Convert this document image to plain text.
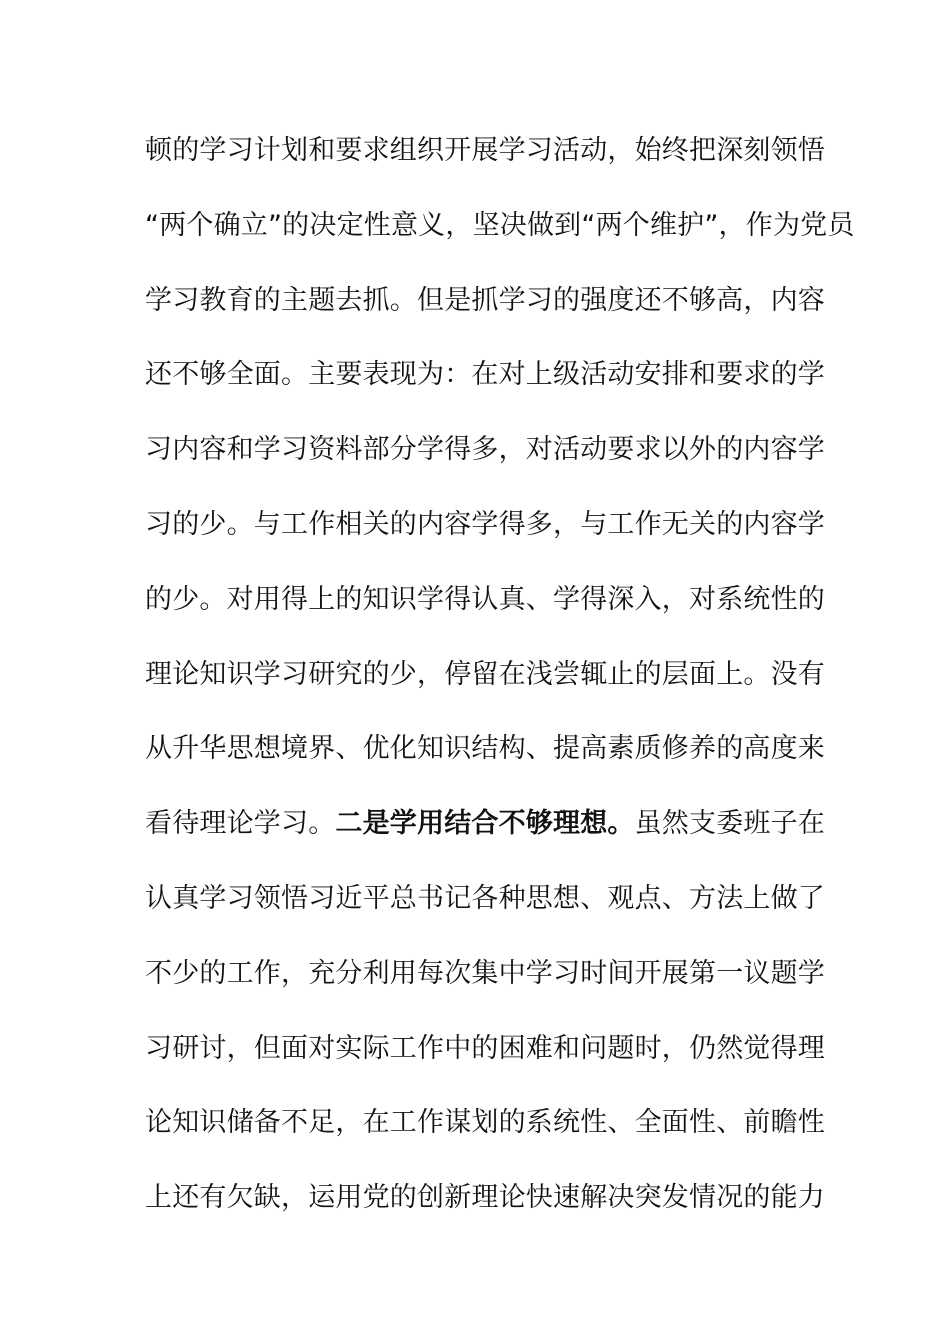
顿的学习计划和要求组织开展学习活动，始终把深刻领悟
“两个确立”的决定性意义，坚决做到“两个维护”，作为党员
学习教育的主题去抓。但是抓学习的强度还不够高，内容
还不够全面。主要表现为：在对上级活动安排和要求的学
习内容和学习资料部分学得多，对活动要求以外的内容学
习的少。与工作相关的内容学得多，与工作无关的内容学
的少。对用得上的知识学得认真、学得深入，对系统性的
理论知识学习研究的少，停留在浅尝辄止的层面上。没有
从升华思想境界、优化知识结构、提高素质修养的高度来
看待理论学习。二是学用结合不够理想。虽然支委班子在
认真学习领悟习近平总书记各种思想、观点、方法上做了
不少的工作，充分利用每次集中学习时间开展第一议题学
习研讨，但面对实际工作中的困难和问题时，仍然觉得理
论知识储备不足，在工作谋划的系统性、全面性、前瞻性
上还有欠缺，运用党的创新理论快速解决突发情况的能力
